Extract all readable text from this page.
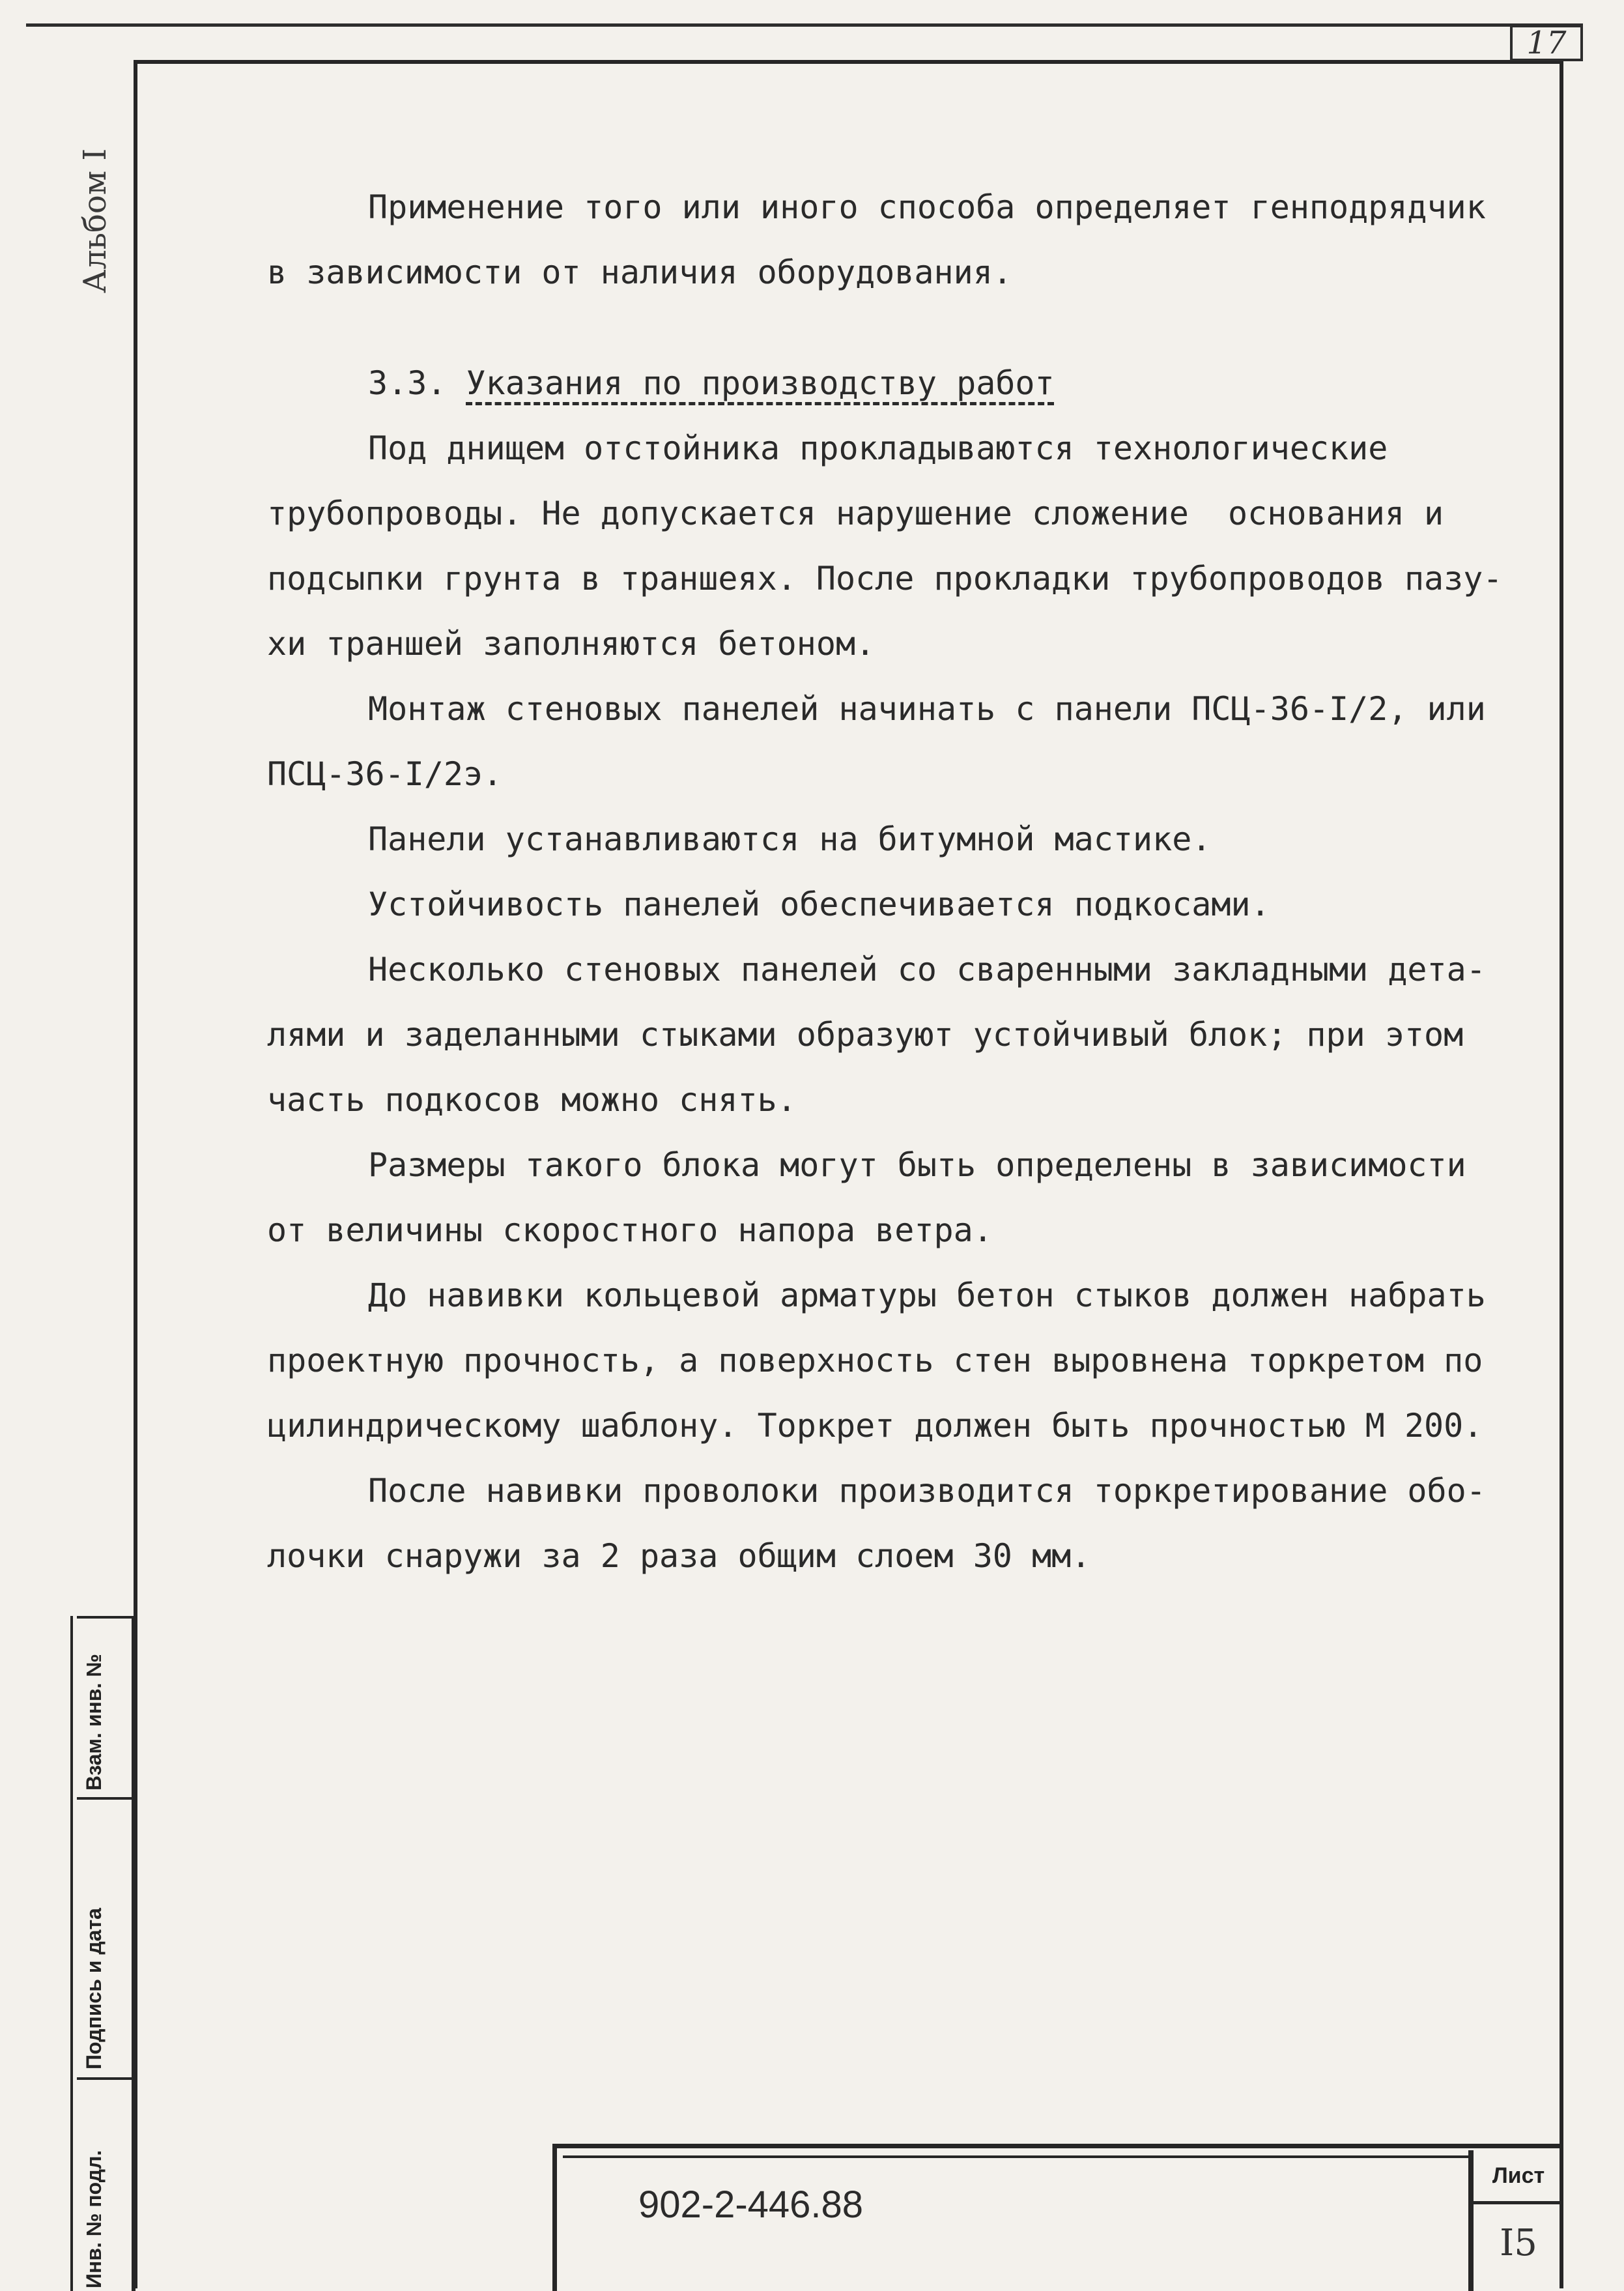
17
Альбом I
Взам. инв. №
Подпись и дата
Инв. № подл.

Применение того или иного способа определяет генподрядчик

в зависимости от наличия оборудования.

3.3. Указания по производству работ

Под днищем отстойника прокладываются технологические

трубопроводы. Не допускается нарушение сложение  основания и

подсыпки грунта в траншеях. После прокладки трубопроводов пазу-

хи траншей заполняются бетоном.

Монтаж стеновых панелей начинать с панели ПСЦ-36-I/2, или

ПСЦ-36-I/2э.

Панели устанавливаются на битумной мастике.

Устойчивость панелей обеспечивается подкосами.

Несколько стеновых панелей со сваренными закладными дета-

лями и заделанными стыками образуют устойчивый блок; при этом

часть подкосов можно снять.

Размеры такого блока могут быть определены в зависимости

от величины скоростного напора ветра.

До навивки кольцевой арматуры бетон стыков должен набрать

проектную прочность, а поверхность стен выровнена торкретом по

цилиндрическому шаблону. Торкрет должен быть прочностью М 200.

После навивки проволоки производится торкретирование обо-

лочки снаружи за 2 раза общим слоем 30 мм.

902-2-446.88
Лист
I5
